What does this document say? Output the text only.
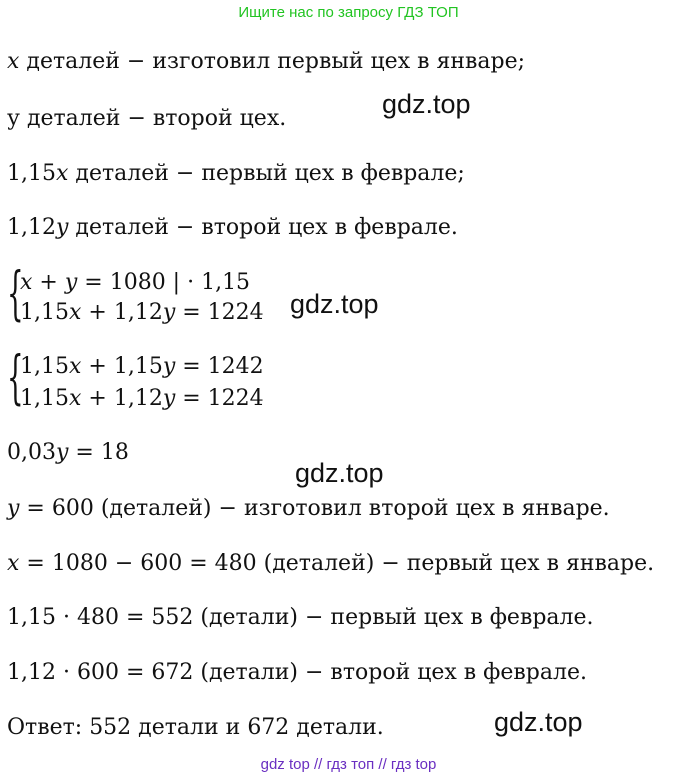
Ищите нас по запросу ГДЗ ТОП
x деталей − изготовил первый цех в январе;
у деталей − второй цех.
1,15x деталей − первый цех в феврале;
1,12y деталей − второй цех в феврале.
{
x + y = 1080 | · 1,15
1,15x + 1,12y = 1224
{
1,15x + 1,15y = 1242
1,15x + 1,12y = 1224
0,03y = 18
y = 600 (деталей) − изготовил второй цех в январе.
x = 1080 − 600 = 480 (деталей) − первый цех в январе.
1,15 · 480 = 552 (детали) − первый цех в феврале.
1,12 · 600 = 672 (детали) − второй цех в феврале.
Ответ: 552 детали и 672 детали.
gdz.top
gdz.top
gdz.top
gdz.top
gdz top // гдз топ // гдз top
